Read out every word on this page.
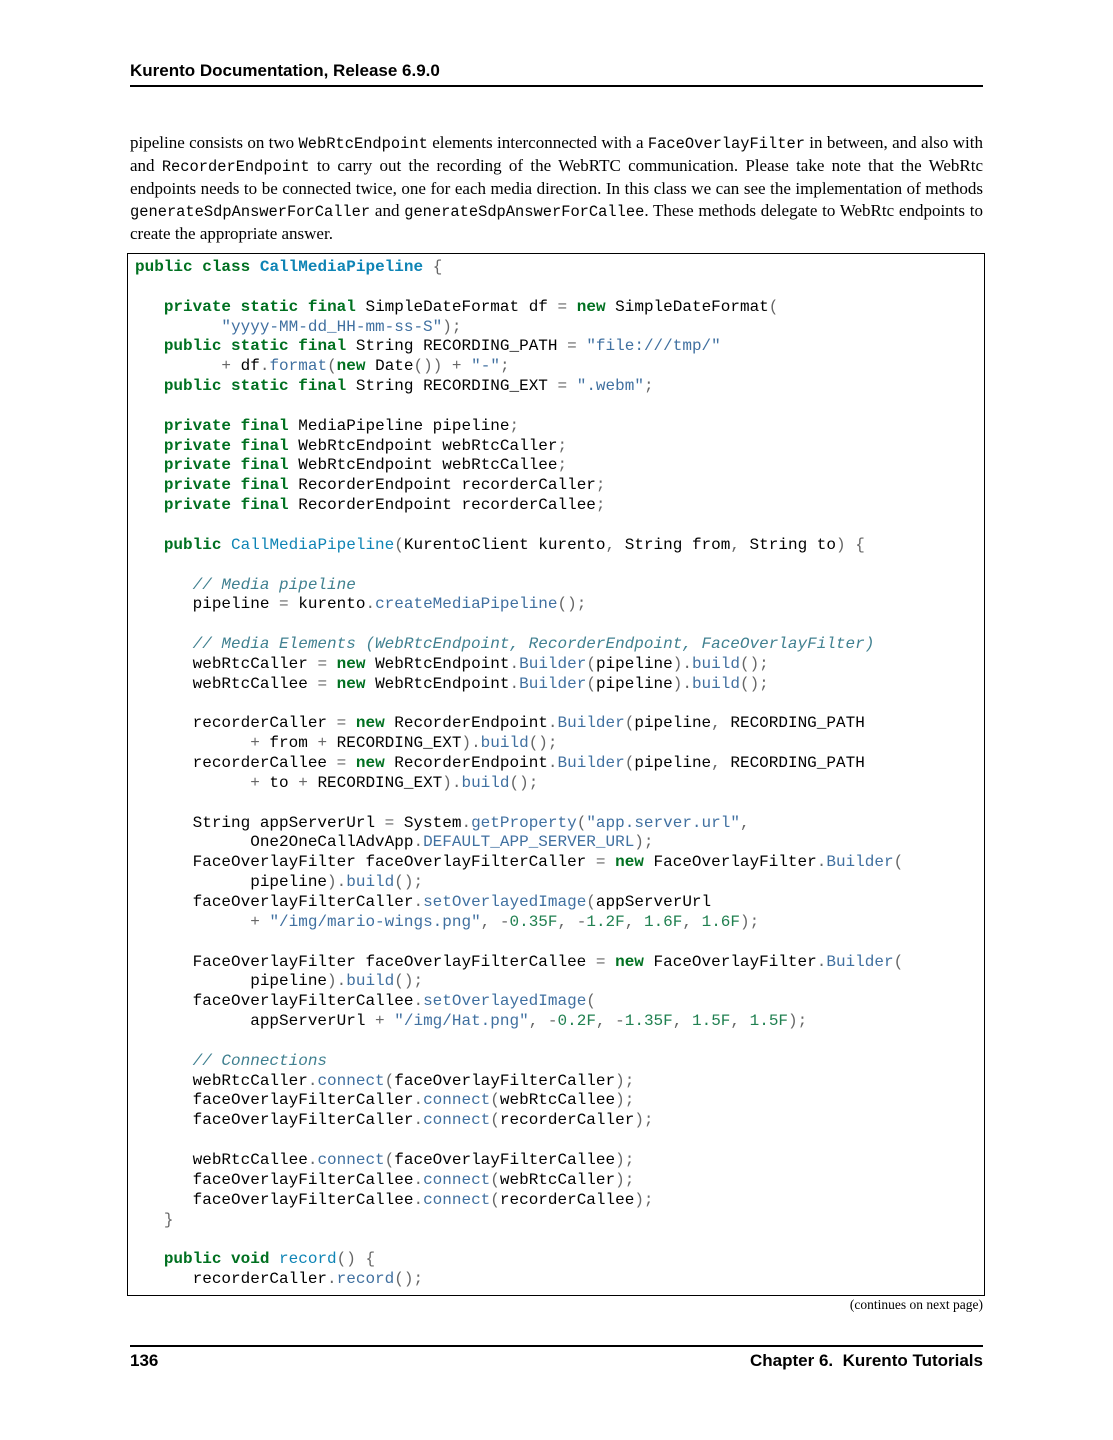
Kurento Documentation, Release 6.9.0

pipeline consists on two WebRtcEndpoint elements interconnected with a FaceOverlayFilter in between, and also with and RecorderEndpoint to carry out the recording of the WebRTC communication. Please take note that the WebRtc endpoints needs to be connected twice, one for each media direction. In this class we can see the implementation of methods generateSdpAnswerForCaller and generateSdpAnswerForCallee. These methods delegate to WebRtc endpoints to create the appropriate answer.

public class CallMediaPipeline {

private static final SimpleDateFormat df = new SimpleDateFormat(
"yyyy-MM-dd_HH-mm-ss-S");
public static final String RECORDING_PATH = "file:///tmp/"
+ df.format(new Date()) + "-";
public static final String RECORDING_EXT = ".webm";

private final MediaPipeline pipeline;
private final WebRtcEndpoint webRtcCaller;
private final WebRtcEndpoint webRtcCallee;
private final RecorderEndpoint recorderCaller;
private final RecorderEndpoint recorderCallee;

public CallMediaPipeline(KurentoClient kurento, String from, String to) {

// Media pipeline
pipeline = kurento.createMediaPipeline();

// Media Elements (WebRtcEndpoint, RecorderEndpoint, FaceOverlayFilter)
webRtcCaller = new WebRtcEndpoint.Builder(pipeline).build();
webRtcCallee = new WebRtcEndpoint.Builder(pipeline).build();

recorderCaller = new RecorderEndpoint.Builder(pipeline, RECORDING_PATH
+ from + RECORDING_EXT).build();
recorderCallee = new RecorderEndpoint.Builder(pipeline, RECORDING_PATH
+ to + RECORDING_EXT).build();

String appServerUrl = System.getProperty("app.server.url",
One2OneCallAdvApp.DEFAULT_APP_SERVER_URL);
FaceOverlayFilter faceOverlayFilterCaller = new FaceOverlayFilter.Builder(
pipeline).build();
faceOverlayFilterCaller.setOverlayedImage(appServerUrl
+ "/img/mario-wings.png", -0.35F, -1.2F, 1.6F, 1.6F);

FaceOverlayFilter faceOverlayFilterCallee = new FaceOverlayFilter.Builder(
pipeline).build();
faceOverlayFilterCallee.setOverlayedImage(
appServerUrl + "/img/Hat.png", -0.2F, -1.35F, 1.5F, 1.5F);

// Connections
webRtcCaller.connect(faceOverlayFilterCaller);
faceOverlayFilterCaller.connect(webRtcCallee);
faceOverlayFilterCaller.connect(recorderCaller);

webRtcCallee.connect(faceOverlayFilterCallee);
faceOverlayFilterCallee.connect(webRtcCaller);
faceOverlayFilterCallee.connect(recorderCallee);
}

public void record() {
recorderCaller.record();
(continues on next page)
136	Chapter 6.  Kurento Tutorials
